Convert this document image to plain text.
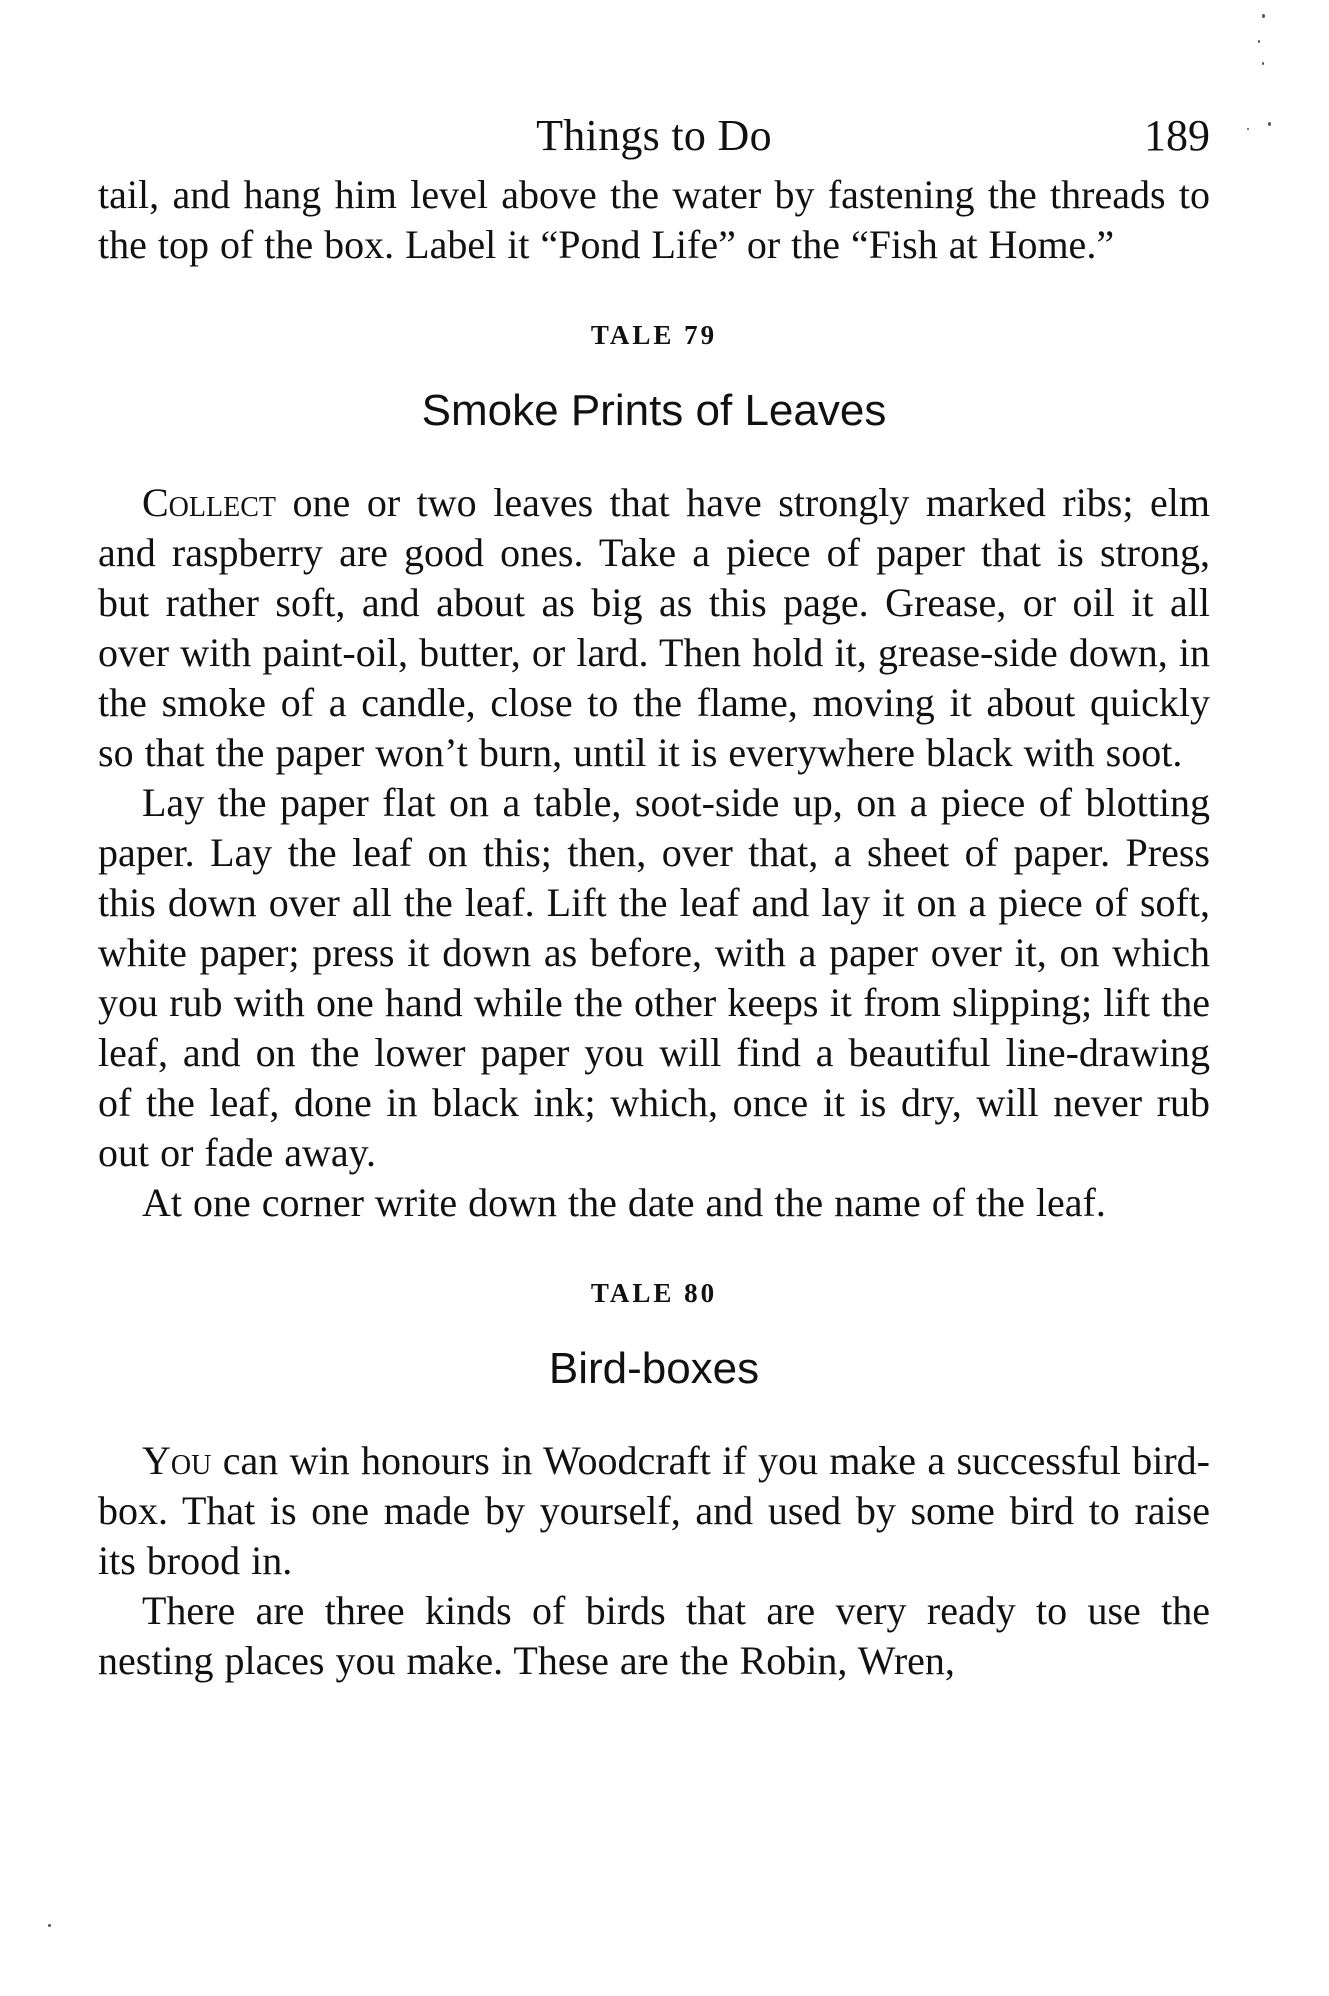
Things to Do	189

tail, and hang him level above the water by fastening the threads to the top of the box. Label it “Pond Life” or the “Fish at Home.”

TALE 79
Smoke Prints of Leaves

Collect one or two leaves that have strongly marked ribs; elm and raspberry are good ones. Take a piece of paper that is strong, but rather soft, and about as big as this page. Grease, or oil it all over with paint-oil, butter, or lard. Then hold it, grease-side down, in the smoke of a candle, close to the flame, moving it about quickly so that the paper won’t burn, until it is everywhere black with soot.

Lay the paper flat on a table, soot-side up, on a piece of blotting paper. Lay the leaf on this; then, over that, a sheet of paper. Press this down over all the leaf. Lift the leaf and lay it on a piece of soft, white paper; press it down as before, with a paper over it, on which you rub with one hand while the other keeps it from slipping; lift the leaf, and on the lower paper you will find a beautiful line-drawing of the leaf, done in black ink; which, once it is dry, will never rub out or fade away.

At one corner write down the date and the name of the leaf.

TALE 80
Bird-boxes

You can win honours in Woodcraft if you make a successful bird-box. That is one made by yourself, and used by some bird to raise its brood in.

There are three kinds of birds that are very ready to use the nesting places you make. These are the Robin, Wren,
